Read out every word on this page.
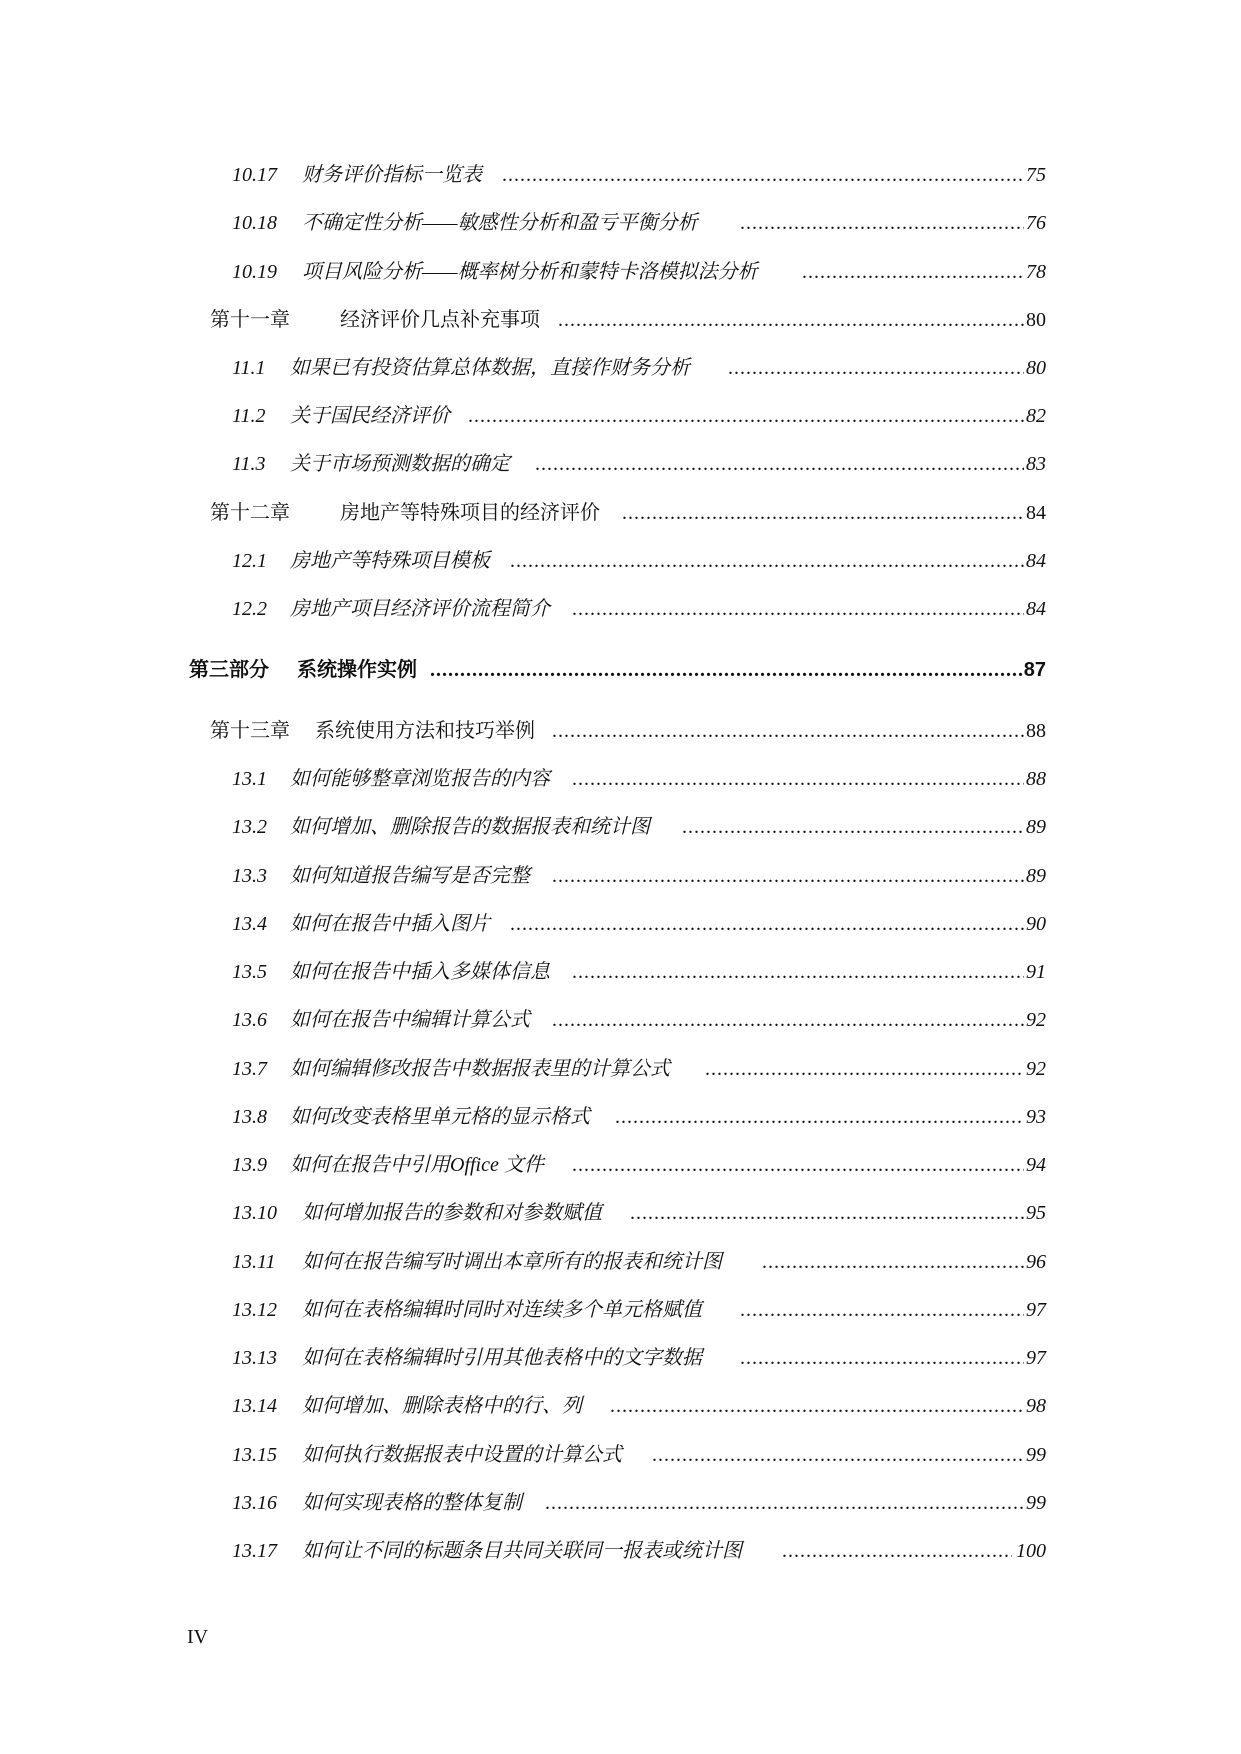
10.17 财务评价指标一览表 .....	75
10.18 不确定性分析——敏感性分析和盈亏平衡分析 .....	76
10.19 项目风险分析——概率树分析和蒙特卡洛模拟法分析 .....	78
第十一章	经济评价几点补充事项 .....	80
11.1 如果已有投资估算总体数据，直接作财务分析 .....	80
11.2 关于国民经济评价 .....	82
11.3 关于市场预测数据的确定 .....	83
第十二章	房地产等特殊项目的经济评价 .....	84
12.1 房地产等特殊项目模板 .....	84
12.2 房地产项目经济评价流程简介 .....	84
第三部分 系统操作实例 .....	87
第十三章 系统使用方法和技巧举例 .....	88
13.1 如何能够整章浏览报告的内容 .....	88
13.2 如何增加、删除报告的数据报表和统计图 .....	89
13.3 如何知道报告编写是否完整 .....	89
13.4 如何在报告中插入图片 .....	90
13.5 如何在报告中插入多媒体信息 .....	91
13.6 如何在报告中编辑计算公式 .....	92
13.7 如何编辑修改报告中数据报表里的计算公式 .....	92
13.8 如何改变表格里单元格的显示格式 .....	93
13.9 如何在报告中引用Office 文件 .....	94
13.10 如何增加报告的参数和对参数赋值 .....	95
13.11 如何在报告编写时调出本章所有的报表和统计图 .....	96
13.12 如何在表格编辑时同时对连续多个单元格赋值 .....	97
13.13 如何在表格编辑时引用其他表格中的文字数据 .....	97
13.14 如何增加、删除表格中的行、列 .....	98
13.15 如何执行数据报表中设置的计算公式 .....	99
13.16 如何实现表格的整体复制 .....	99
13.17 如何让不同的标题条目共同关联同一报表或统计图 .....	100
IV
